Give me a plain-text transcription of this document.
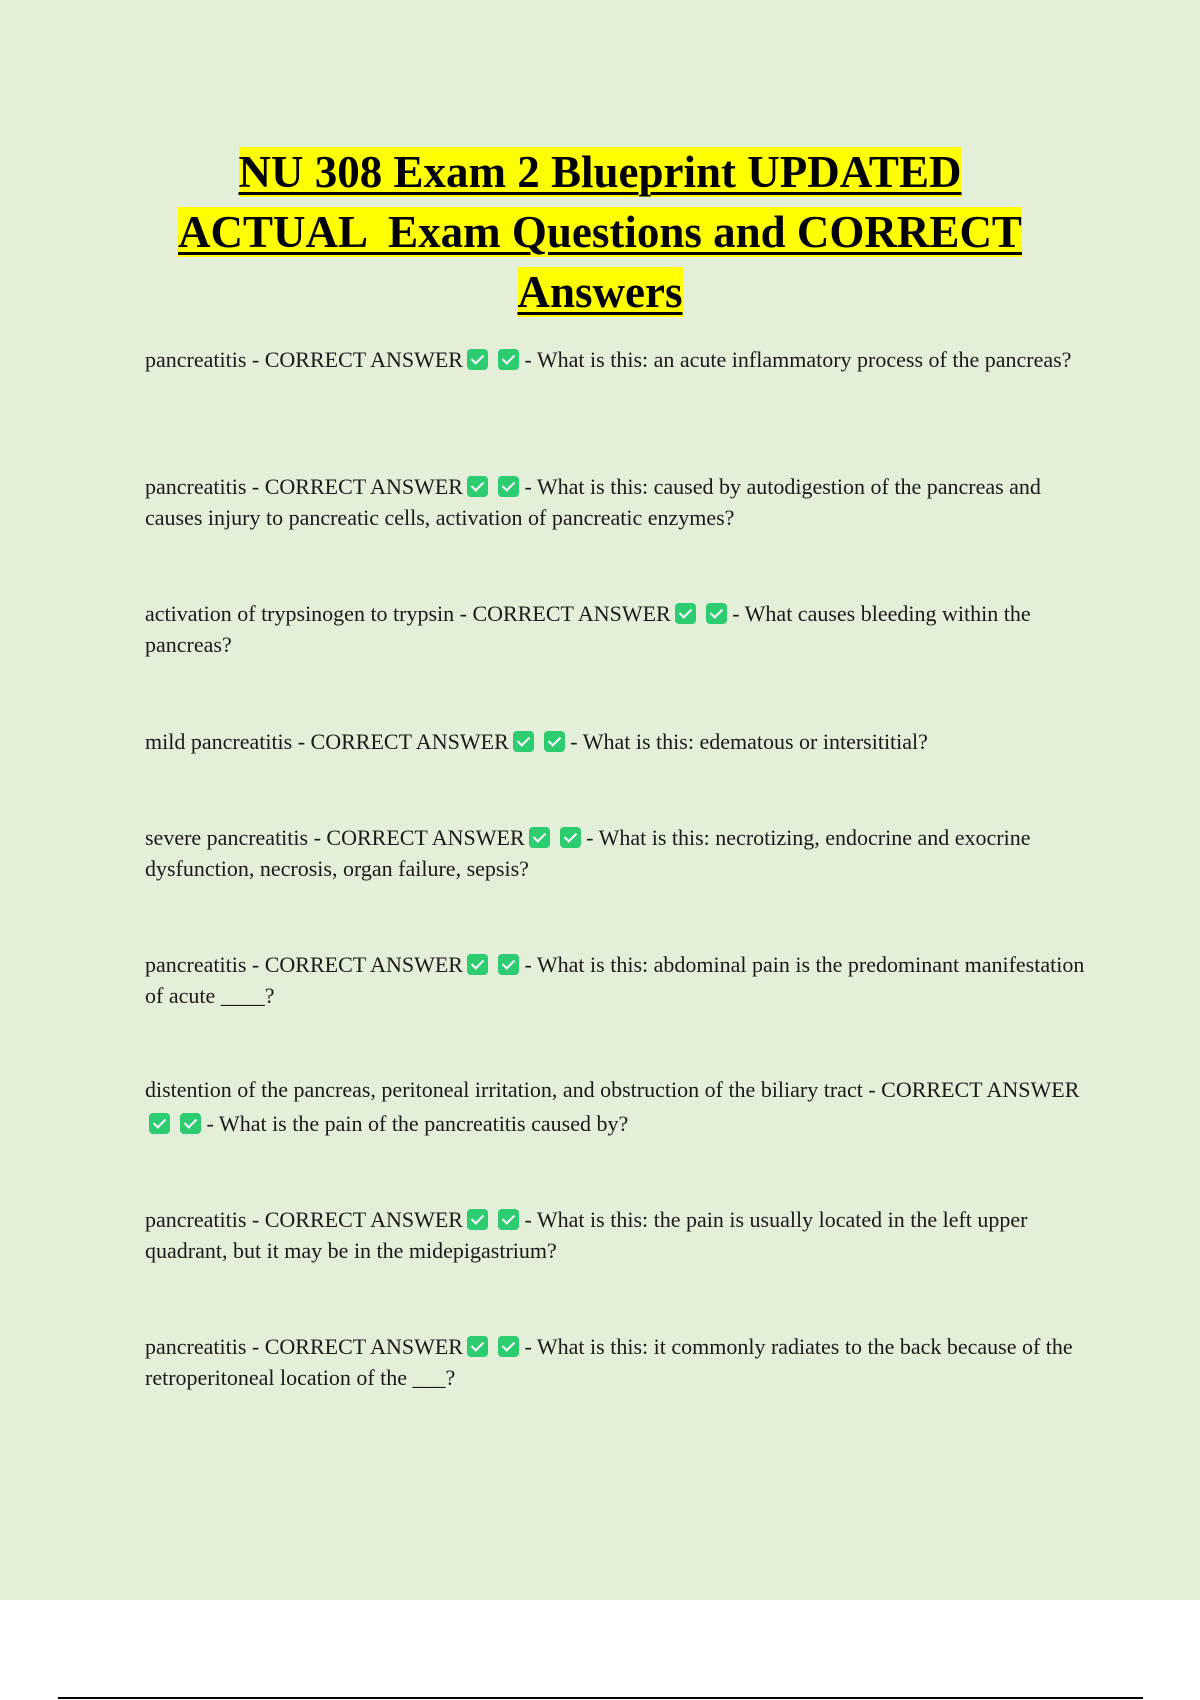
NU 308 Exam 2 Blueprint UPDATED
ACTUAL  Exam Questions and CORRECT
Answers
pancreatitis - CORRECT ANSWER	- What is this: an acute inflammatory process of the pancreas?
pancreatitis - CORRECT ANSWER	- What is this: caused by autodigestion of the pancreas and causes injury to pancreatic cells, activation of pancreatic enzymes?
activation of trypsinogen to trypsin - CORRECT ANSWER	- What causes bleeding within the pancreas?
mild pancreatitis - CORRECT ANSWER	- What is this: edematous or intersititial?
severe pancreatitis - CORRECT ANSWER	- What is this: necrotizing, endocrine and exocrine dysfunction, necrosis, organ failure, sepsis?
pancreatitis - CORRECT ANSWER	- What is this: abdominal pain is the predominant manifestation of acute ____?
distention of the pancreas, peritoneal irritation, and obstruction of the biliary tract - CORRECT ANSWER - What is the pain of the pancreatitis caused by?
pancreatitis - CORRECT ANSWER	- What is this: the pain is usually located in the left upper quadrant, but it may be in the midepigastrium?
pancreatitis - CORRECT ANSWER	- What is this: it commonly radiates to the back because of the retroperitoneal location of the ___?
